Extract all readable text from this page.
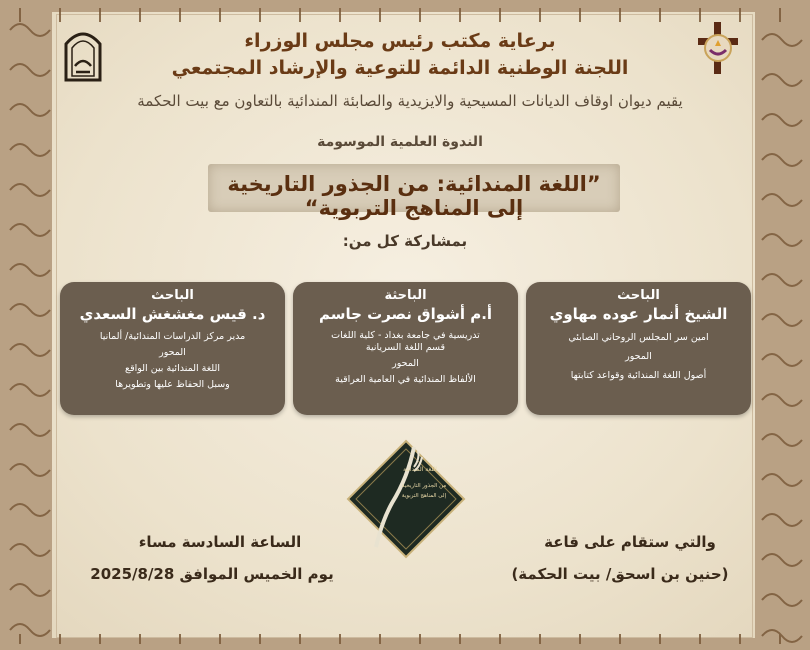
برعاية مكتب رئيس مجلس الوزراء
اللجنة الوطنية الدائمة للتوعية والإرشاد المجتمعي
يقيم ديوان اوقاف الديانات المسيحية والايزيدية والصابئة المندائية بالتعاون مع بيت الحكمة
الندوة العلمية الموسومة
”اللغة المندائية: من الجذور التاريخية إلى المناهج التربوية“
بمشاركة كل من:
الباحث
الشيخ أنمار عوده مهاوي
امين سر المجلس الروحاني الصابئي
المحور
أصول اللغة المندائية وقواعد كتابتها
الباحثة
أ.م أشواق نصرت جاسم
تدريسية في جامعة بغداد - كلية اللغات
قسم اللغة السريانية
المحور
الألفاظ المندائية في العامية العراقية
الباحث
د. قيس مغشغش السعدي
مدير مركز الدراسات المندائية/ ألمانيا
المحور
اللغة المندائية بين الواقع
وسبل الحفاظ عليها وتطويرها
اللغة المندائية
من الجذور التاريخية
إلى المناهج التربوية
والتي ستقام على قاعة
(حنين بن اسحق/ بيت الحكمة)
الساعة السادسة مساء
يوم الخميس الموافق 2025/8/28
